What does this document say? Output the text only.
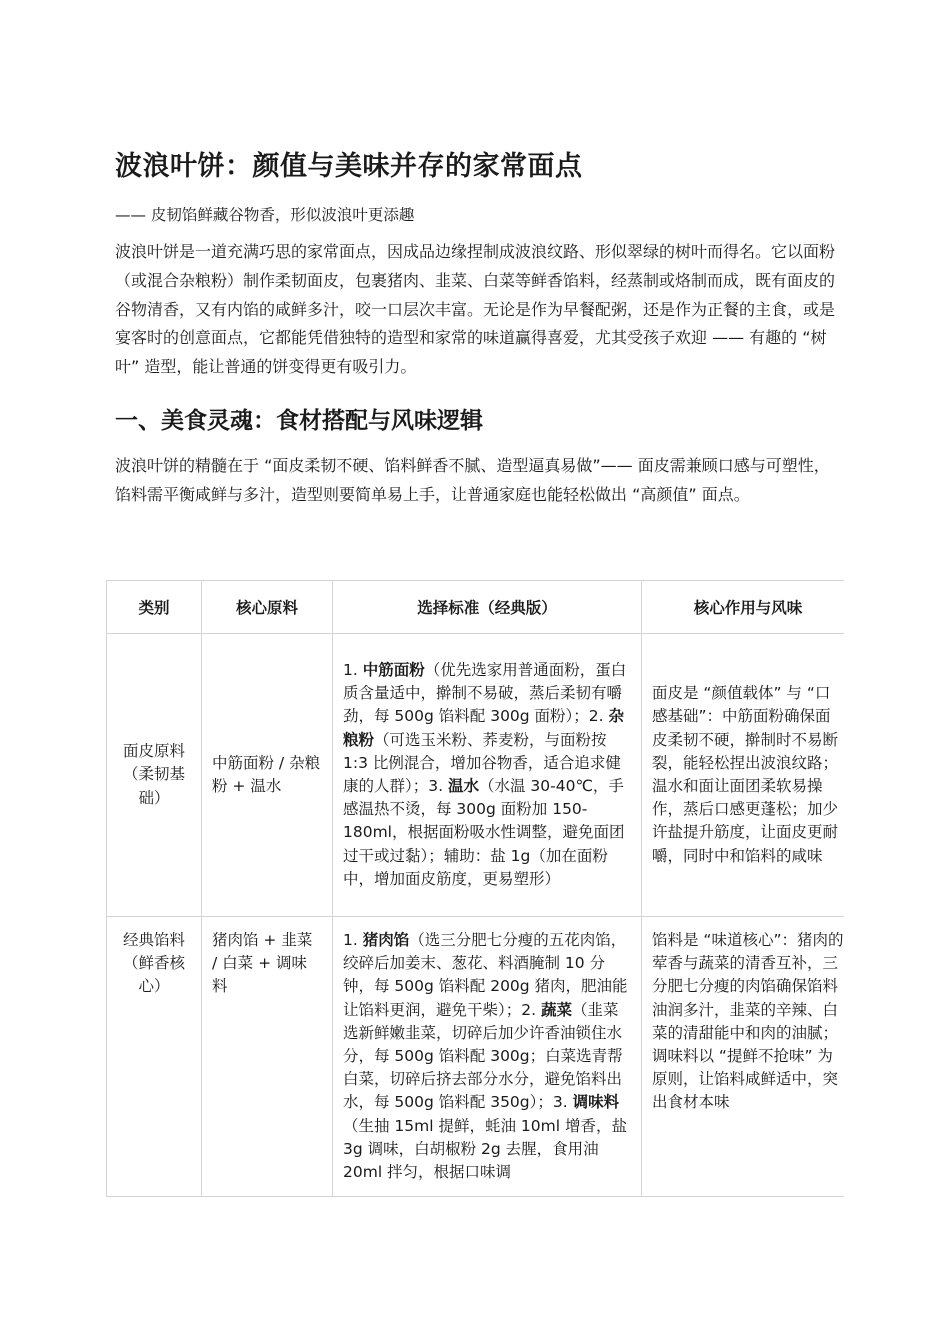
波浪叶饼：颜值与美味并存的家常面点

—— 皮韧馅鲜藏谷物香，形似波浪叶更添趣

波浪叶饼是一道充满巧思的家常面点，因成品边缘捏制成波浪纹路、形似翠绿的树叶而得名。它以面粉（或混合杂粮粉）制作柔韧面皮，包裹猪肉、韭菜、白菜等鲜香馅料，经蒸制或烙制而成，既有面皮的谷物清香，又有内馅的咸鲜多汁，咬一口层次丰富。无论是作为早餐配粥，还是作为正餐的主食，或是宴客时的创意面点，它都能凭借独特的造型和家常的味道赢得喜爱，尤其受孩子欢迎 —— 有趣的 “树叶” 造型，能让普通的饼变得更有吸引力。

一、美食灵魂：食材搭配与风味逻辑

波浪叶饼的精髓在于 “面皮柔韧不硬、馅料鲜香不腻、造型逼真易做”—— 面皮需兼顾口感与可塑性，馅料需平衡咸鲜与多汁，造型则要简单易上手，让普通家庭也能轻松做出 “高颜值” 面点。

类别	核心原料	选择标准（经典版）	核心作用与风味
面皮原料（柔韧基础）	中筋面粉 / 杂粮粉 + 温水	1. 中筋面粉（优先选家用普通面粉，蛋白质含量适中，擀制不易破，蒸后柔韧有嚼劲，每 500g 馅料配 300g 面粉）；2. 杂粮粉（可选玉米粉、荞麦粉，与面粉按 1:3 比例混合，增加谷物香，适合追求健康的人群）；3. 温水（水温 30-40℃，手感温热不烫，每 300g 面粉加 150-180ml，根据面粉吸水性调整，避免面团过干或过黏）；辅助：盐 1g（加在面粉中，增加面皮筋度，更易塑形）	面皮是 “颜值载体” 与 “口感基础”：中筋面粉确保面皮柔韧不硬，擀制时不易断裂，能轻松捏出波浪纹路；温水和面让面团柔软易操作，蒸后口感更蓬松；加少许盐提升筋度，让面皮更耐嚼，同时中和馅料的咸味
经典馅料（鲜香核心）	猪肉馅 + 韭菜 / 白菜 + 调味料	1. 猪肉馅（选三分肥七分瘦的五花肉馅，绞碎后加姜末、葱花、料酒腌制 10 分钟，每 500g 馅料配 200g 猪肉，肥油能让馅料更润，避免干柴）；2. 蔬菜（韭菜选新鲜嫩韭菜，切碎后加少许香油锁住水分，每 500g 馅料配 300g；白菜选青帮白菜，切碎后挤去部分水分，避免馅料出水，每 500g 馅料配 350g）；3. 调味料（生抽 15ml 提鲜，蚝油 10ml 增香，盐 3g 调味，白胡椒粉 2g 去腥，食用油 20ml 拌匀，根据口味调	馅料是 “味道核心”：猪肉的荤香与蔬菜的清香互补，三分肥七分瘦的肉馅确保馅料油润多汁，韭菜的辛辣、白菜的清甜能中和肉的油腻；调味料以 “提鲜不抢味” 为原则，让馅料咸鲜适中，突出食材本味
